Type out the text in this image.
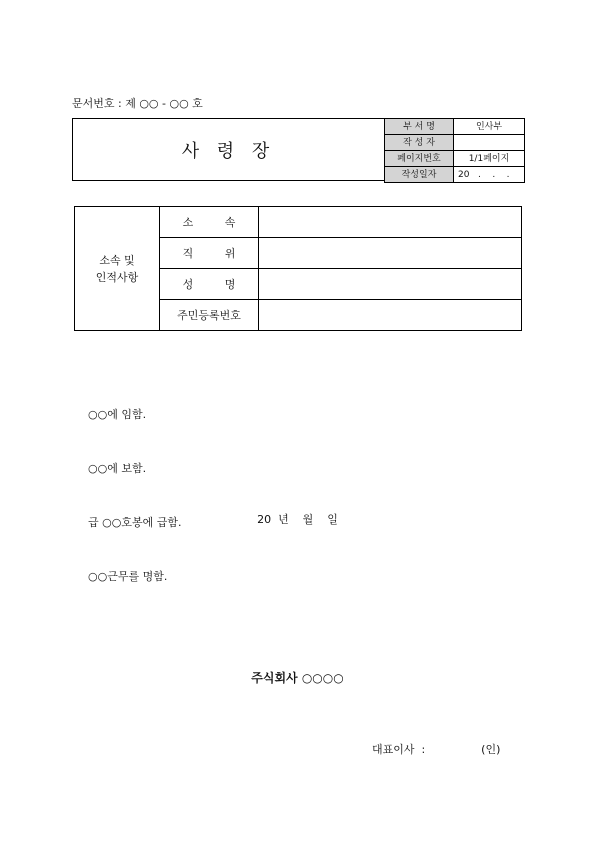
문서번호 : 제 ○○ - ○○ 호
사 령 장
부 서 명	인사부
작 성 자	
페이지번호	1/1페이지
작성일자	20   .    .    .
소속 및
인적사항	소         속	
	직         위	
	성         명	
	주민등록번호	

○○에 임함.

○○에 보함.

급 ○○호봉에 급함.

○○근무를 명함.

20  년    월    일
주식회사 ○○○○
대표이사  :                (인)
